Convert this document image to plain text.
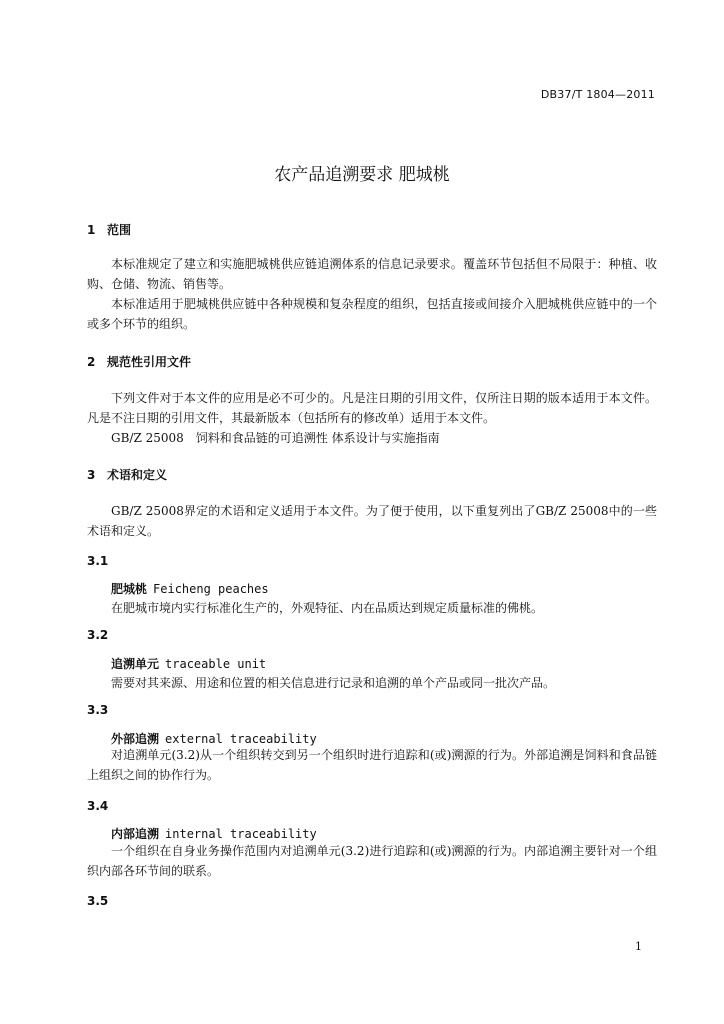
DB37/T 1804—2011
农产品追溯要求 肥城桃
1 范围
本标准规定了建立和实施肥城桃供应链追溯体系的信息记录要求。覆盖环节包括但不局限于：种植、收购、仓储、物流、销售等。
本标准适用于肥城桃供应链中各种规模和复杂程度的组织，包括直接或间接介入肥城桃供应链中的一个或多个环节的组织。
2 规范性引用文件
下列文件对于本文件的应用是必不可少的。凡是注日期的引用文件，仅所注日期的版本适用于本文件。凡是不注日期的引用文件，其最新版本（包括所有的修改单）适用于本文件。
GB/Z 25008　饲料和食品链的可追溯性 体系设计与实施指南
3 术语和定义
GB/Z 25008界定的术语和定义适用于本文件。为了便于使用，以下重复列出了GB/Z 25008中的一些术语和定义。
3.1
肥城桃 Feicheng peaches
在肥城市境内实行标准化生产的，外观特征、内在品质达到规定质量标准的佛桃。
3.2
追溯单元 traceable unit
需要对其来源、用途和位置的相关信息进行记录和追溯的单个产品或同一批次产品。
3.3
外部追溯 external traceability
对追溯单元(3.2)从一个组织转交到另一个组织时进行追踪和(或)溯源的行为。外部追溯是饲料和食品链上组织之间的协作行为。
3.4
内部追溯 internal traceability
一个组织在自身业务操作范围内对追溯单元(3.2)进行追踪和(或)溯源的行为。内部追溯主要针对一个组织内部各环节间的联系。
3.5
1
